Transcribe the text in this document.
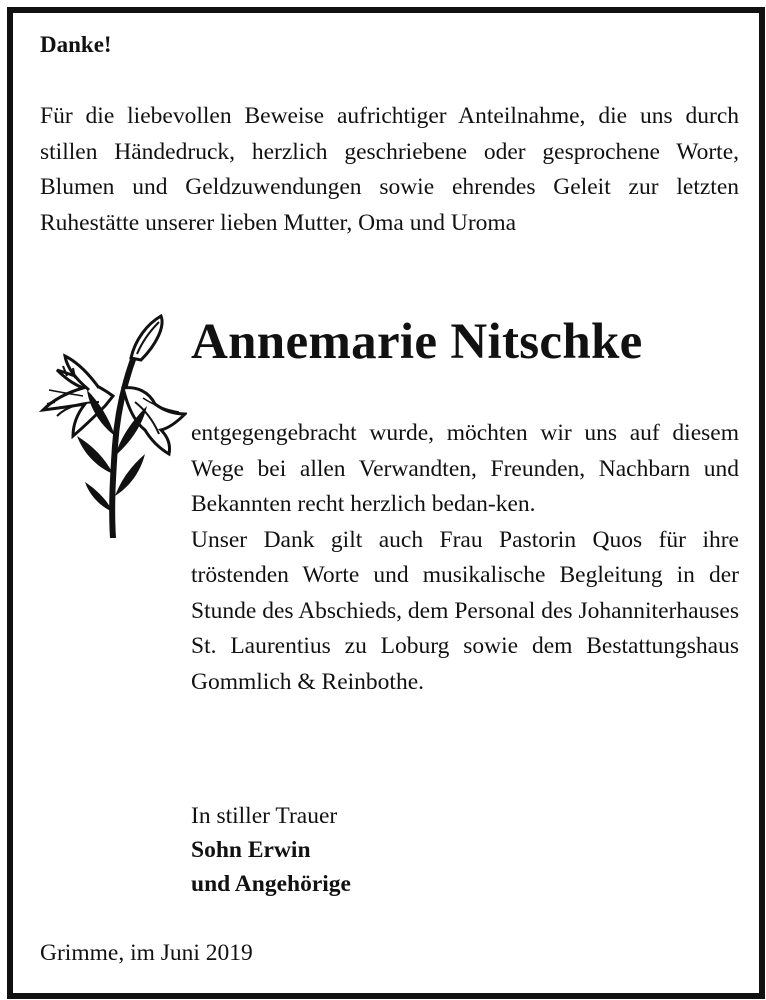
Danke!

Für die liebevollen Beweise aufrichtiger Anteilnahme, die uns durch stillen Händedruck, herzlich geschriebene oder gesprochene Worte, Blumen und Geldzuwendungen sowie ehrendes Geleit zur letzten Ruhestätte unserer lieben Mutter, Oma und Uroma

Annemarie Nitschke

entgegengebracht wurde, möchten wir uns auf diesem Wege bei allen Verwandten, Freunden, Nachbarn und Bekannten recht herzlich bedan-ken.

Unser Dank gilt auch Frau Pastorin Quos für ihre tröstenden Worte und musikalische Begleitung in der Stunde des Abschieds, dem Personal des Johanniterhauses St. Laurentius zu Loburg sowie dem Bestattungshaus Gommlich & Reinbothe.

In stiller Trauer
Sohn Erwin
und Angehörige
Grimme, im Juni 2019
